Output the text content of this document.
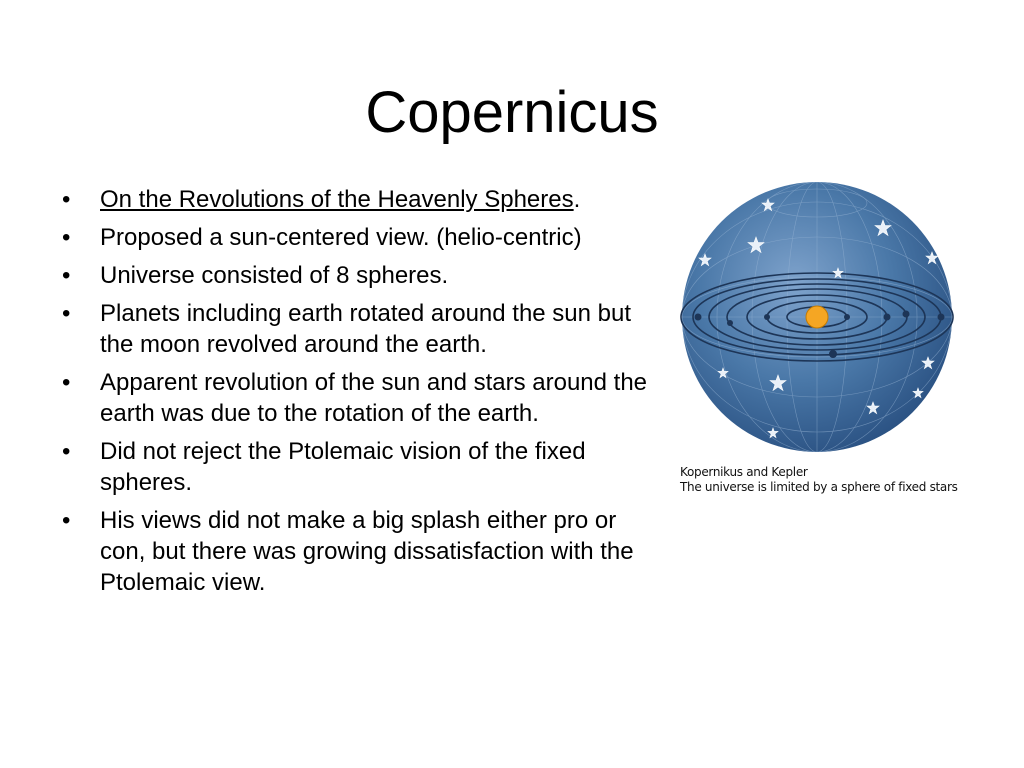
Copernicus
• On the Revolutions of the Heavenly Spheres.
• Proposed a sun-centered view. (helio-centric)
• Universe consisted of 8 spheres.
• Planets including earth rotated around the sun but the moon revolved around the earth.
• Apparent revolution of the sun and stars around the earth was due to the rotation of the earth.
• Did not reject the Ptolemaic vision of the fixed spheres.
• His views did not make a big splash either pro or con, but there was growing dissatisfaction with the Ptolemaic view.
Kopernikus and Kepler
The universe is limited by a sphere of fixed stars
